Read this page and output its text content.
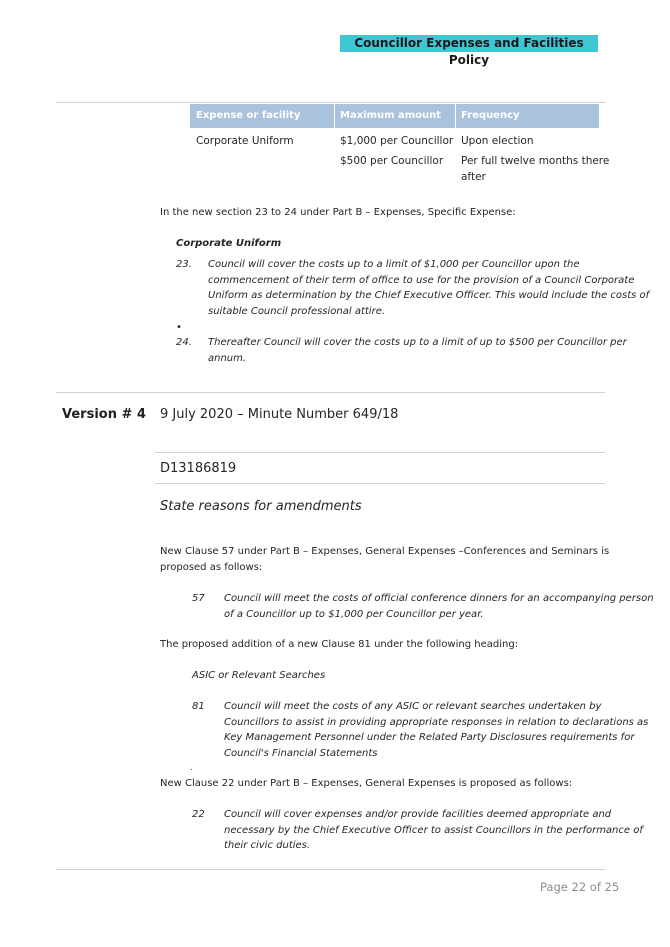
Councillor Expenses and Facilities Policy
Expense or facility	Maximum amount Frequency
Corporate Uniform	$1,000 per Councillor Upon election
$500 per Councillor Per full twelve months there
after
In the new section 23 to 24 under Part B – Expenses, Specific Expense:
Corporate Uniform
23. Council will cover the costs up to a limit of $1,000 per Councillor upon the
commencement of their term of office to use for the provision of a Council Corporate
Uniform as determination by the Chief Executive Officer. This would include the costs of
suitable Council professional attire.
•
24. Thereafter Council will cover the costs up to a limit of up to $500 per Councillor per
annum.
Version # 4 9 July 2020 – Minute Number 649/18
D13186819
State reasons for amendments
New Clause 57 under Part B – Expenses, General Expenses –Conferences and Seminars is
proposed as follows:
57 Council will meet the costs of official conference dinners for an accompanying person
of a Councillor up to $1,000 per Councillor per year.
The proposed addition of a new Clause 81 under the following heading:
ASIC or Relevant Searches
81 Council will meet the costs of any ASIC or relevant searches undertaken by
Councillors to assist in providing appropriate responses in relation to declarations as
Key Management Personnel under the Related Party Disclosures requirements for
Council's Financial Statements
.
New Clause 22 under Part B – Expenses, General Expenses is proposed as follows:
22 Council will cover expenses and/or provide facilities deemed appropriate and
necessary by the Chief Executive Officer to assist Councillors in the performance of
their civic duties.
Page 22 of 25
